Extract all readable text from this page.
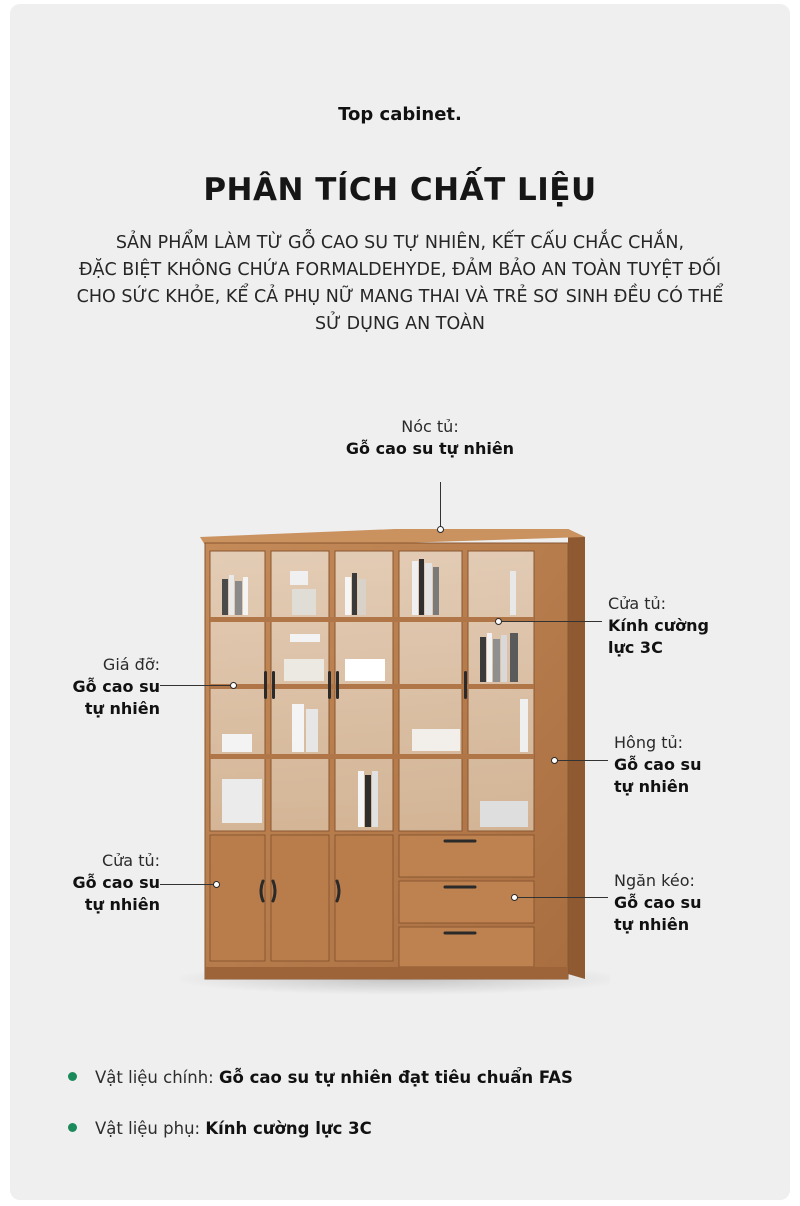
Top cabinet.
PHÂN TÍCH CHẤT LIỆU
SẢN PHẨM LÀM TỪ GỖ CAO SU TỰ NHIÊN, KẾT CẤU CHẮC CHẮN,
ĐẶC BIỆT KHÔNG CHỨA FORMALDEHYDE, ĐẢM BẢO AN TOÀN TUYỆT ĐỐI
CHO SỨC KHỎE, KỂ CẢ PHỤ NỮ MANG THAI VÀ TRẺ SƠ SINH ĐỀU CÓ THỂ
SỬ DỤNG AN TOÀN
Nóc tủ:
Gỗ cao su tự nhiên
Giá đỡ:
Gỗ cao su
tự nhiên
Cửa tủ:
Gỗ cao su
tự nhiên
Cửa tủ:
Kính cường
lực 3C
Hông tủ:
Gỗ cao su
tự nhiên
Ngăn kéo:
Gỗ cao su
tự nhiên
Vật liệu chính: Gỗ cao su tự nhiên đạt tiêu chuẩn FAS
Vật liệu phụ: Kính cường lực 3C
